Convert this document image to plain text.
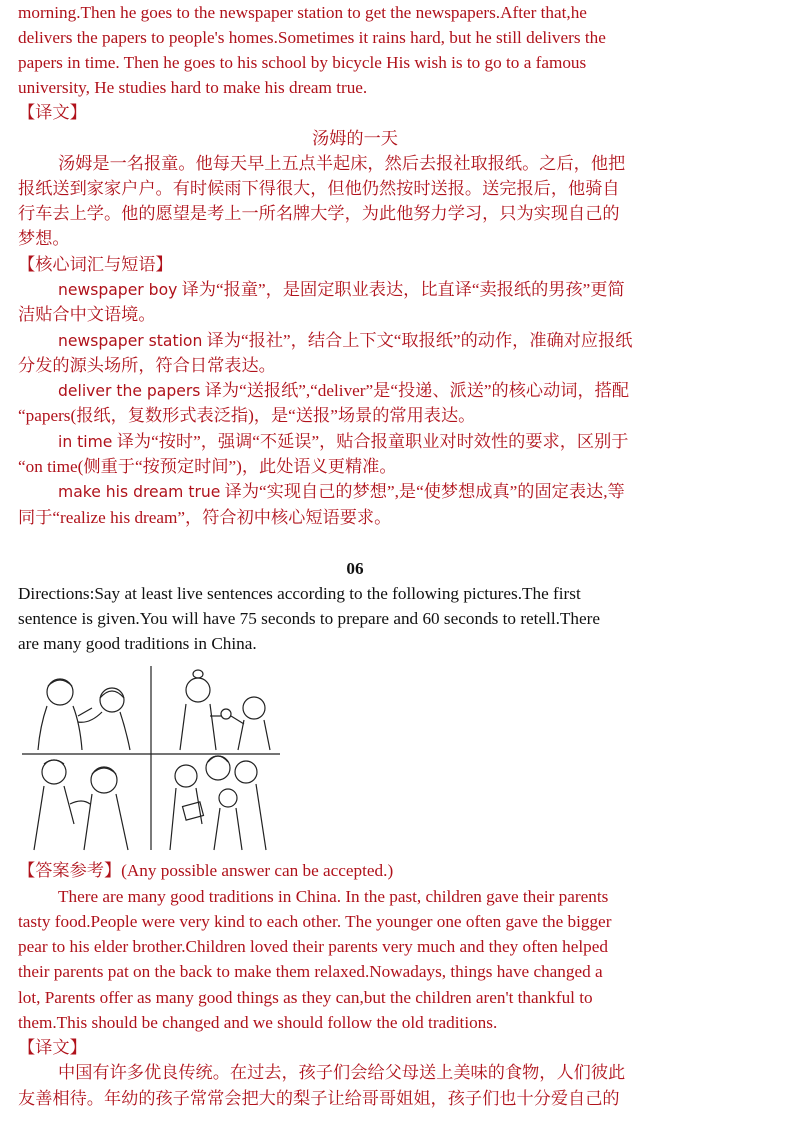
morning.Then he goes to the newspaper station to get the newspapers.After that,he
delivers the papers to people's homes.Sometimes it rains hard, but he still delivers the
papers in time. Then he goes to his school by bicycle His wish is to go to a famous
university, He studies hard to make his dream true.
【译文】
汤姆的一天
汤姆是一名报童。他每天早上五点半起床，然后去报社取报纸。之后，他把
报纸送到家家户户。有时候雨下得很大，但他仍然按时送报。送完报后，他骑自
行车去上学。他的愿望是考上一所名牌大学，为此他努力学习，只为实现自己的
梦想。
【核心词汇与短语】
newspaper boy 译为“报童”，是固定职业表达，比直译“卖报纸的男孩”更简
洁贴合中文语境。
newspaper station 译为“报社”，结合上下文“取报纸”的动作，准确对应报纸
分发的源头场所，符合日常表达。
deliver the papers 译为“送报纸”,“deliver”是“投递、派送”的核心动词，搭配
“papers(报纸，复数形式表泛指)，是“送报”场景的常用表达。
in time 译为“按时”，强调“不延误”，贴合报童职业对时效性的要求，区别于
“on time(侧重于“按预定时间”)，此处语义更精准。
make his dream true 译为“实现自己的梦想”,是“使梦想成真”的固定表达,等
同于“realize his dream”，符合初中核心短语要求。
06
Directions:Say at least live sentences according to the following pictures.The first
sentence is given.You will have 75 seconds to prepare and 60 seconds to retell.There
are many good traditions in China.
【答案参考】(Any possible answer can be accepted.)
There are many good traditions in China. In the past, children gave their parents
tasty food.People were very kind to each other. The younger one often gave the bigger
pear to his elder brother.Children loved their parents very much and they often helped
their parents pat on the back to make them relaxed.Nowadays, things have changed a
lot, Parents offer as many good things as they can,but the children aren't thankful to
them.This should be changed and we should follow the old traditions.
【译文】
中国有许多优良传统。在过去，孩子们会给父母送上美味的食物，人们彼此
友善相待。年幼的孩子常常会把大的梨子让给哥哥姐姐，孩子们也十分爱自己的
